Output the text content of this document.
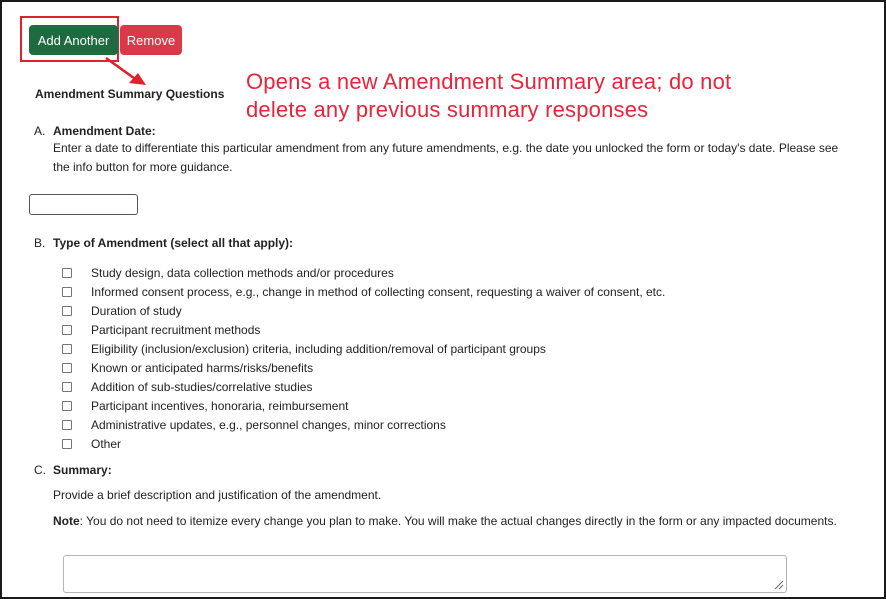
Add Another	Remove
Opens a new Amendment Summary area; do not
delete any previous summary responses
Amendment Summary Questions
A. Amendment Date:
Enter a date to differentiate this particular amendment from any future amendments, e.g. the date you unlocked the form or today's date. Please see the info button for more guidance.
B. Type of Amendment (select all that apply):
Study design, data collection methods and/or procedures
Informed consent process, e.g., change in method of collecting consent, requesting a waiver of consent, etc.
Duration of study
Participant recruitment methods
Eligibility (inclusion/exclusion) criteria, including addition/removal of participant groups
Known or anticipated harms/risks/benefits
Addition of sub-studies/correlative studies
Participant incentives, honoraria, reimbursement
Administrative updates, e.g., personnel changes, minor corrections
Other
C. Summary:
Provide a brief description and justification of the amendment.
Note: You do not need to itemize every change you plan to make. You will make the actual changes directly in the form or any impacted documents.
